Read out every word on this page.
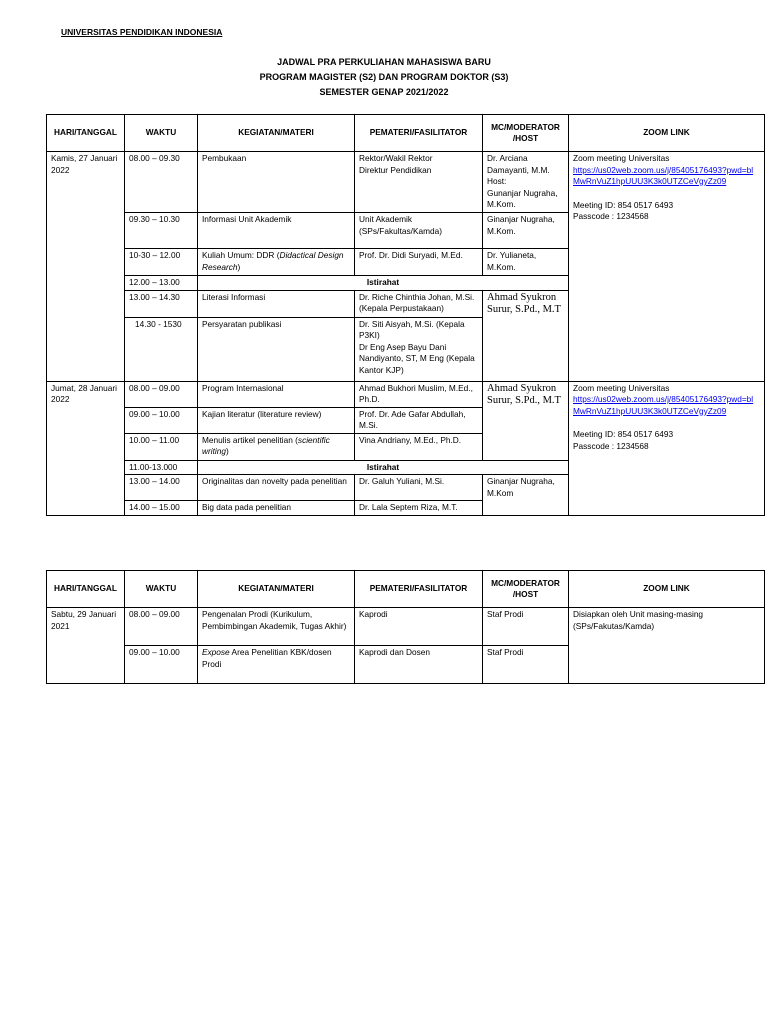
UNIVERSITAS PENDIDIKAN INDONESIA
JADWAL PRA PERKULIAHAN MAHASISWA BARU
PROGRAM MAGISTER (S2) DAN PROGRAM DOKTOR (S3)
SEMESTER GENAP 2021/2022
HARI/TANGGAL	WAKTU	KEGIATAN/MATERI	PEMATERI/FASILITATOR	MC/MODERATOR
/HOST	ZOOM LINK
Kamis, 27 Januari 2022	08.00 – 09.30	Pembukaan	Rektor/Wakil Rektor
Direktur Pendidikan	Dr. Arciana Damayanti, M.M.
Host:
Gunanjar Nugraha, M.Kom.	Zoom meeting Universitas
https://us02web.zoom.us/j/85405176493?pwd=blMwRnVuZ1hpUUU3K3k0UTZCeVgyZz09
Meeting ID: 854 0517 6493
Passcode : 1234568

	09.30 – 10.30	Informasi Unit Akademik	Unit Akademik (SPs/Fakultas/Kamda)	Ginanjar Nugraha, M.Kom.	
	10-30 – 12.00	Kuliah Umum: DDR (Didactical Design Research)	Prof. Dr. Didi Suryadi, M.Ed.	Dr. Yulianeta, M.Kom.	
	12.00 – 13.00	Istirahat			
	13.00 – 14.30	Literasi Informasi	Dr. Riche Chinthia Johan, M.Si. (Kepala Perpustakaan)	Ahmad Syukron Surur, S.Pd., M.T	
	14.30 - 1530	Persyaratan publikasi	Dr. Siti Aisyah, M.Si. (Kepala P3KI)
Dr Eng Asep Bayu Dani Nandiyanto, ST, M Eng (Kepala Kantor KJP)		

Jumat, 28 Januari 2022	08.00 – 09.00	Program Internasional	Ahmad Bukhori Muslim, M.Ed., Ph.D.	Ahmad Syukron Surur, S.Pd., M.T	Zoom meeting Universitas
https://us02web.zoom.us/j/85405176493?pwd=blMwRnVuZ1hpUUU3K3k0UTZCeVgyZz09
Meeting ID: 854 0517 6493
Passcode : 1234568

	09.00 – 10.00	Kajian literatur (literature review)	Prof. Dr. Ade Gafar Abdullah, M.Si.		
	10.00 – 11.00	Menulis artikel penelitian (scientific writing)	Vina Andriany, M.Ed., Ph.D.		
	11.00-13.000	Istirahat			
	13.00 – 14.00	Originalitas dan novelty pada penelitian	Dr. Galuh Yuliani, M.Si.	Ginanjar Nugraha, M.Kom	
	14.00 – 15.00	Big data pada penelitian	Dr. Lala Septem Riza, M.T.		
HARI/TANGGAL	WAKTU	KEGIATAN/MATERI	PEMATERI/FASILITATOR	MC/MODERATOR
/HOST	ZOOM LINK
Sabtu, 29 Januari 2021	08.00 – 09.00	Pengenalan Prodi (Kurikulum, Pembimbingan Akademik, Tugas Akhir)	Kaprodi	Staf Prodi	Disiapkan oleh Unit masing-masing (SPs/Fakutas/Kamda)
	09.00 – 10.00	Expose Area Penelitian KBK/dosen Prodi	Kaprodi dan Dosen	Staf Prodi	
